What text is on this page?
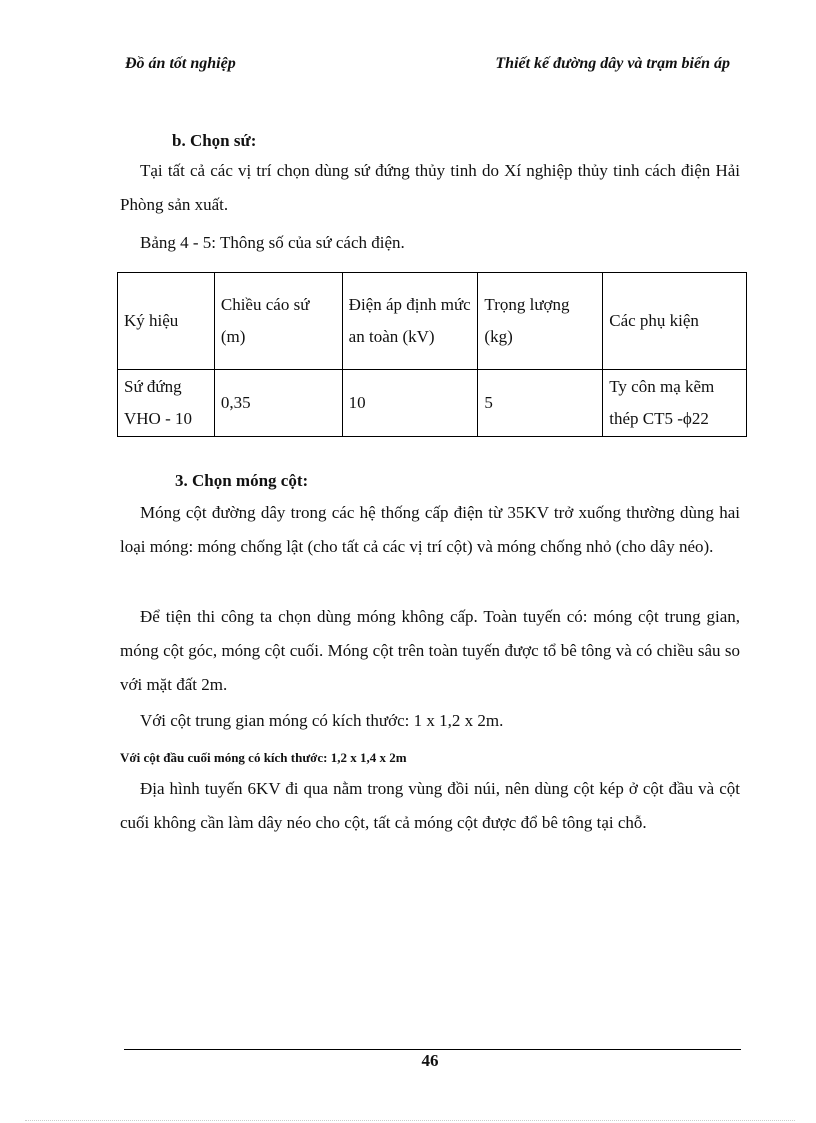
Đồ án tốt nghiệp	Thiết kế đường dây và trạm biến áp
b. Chọn sứ:
Tại tất cả các vị trí chọn dùng sứ đứng thủy tinh do Xí nghiệp thủy tinh cách điện Hải Phòng sản xuất.
Bảng 4 - 5: Thông số của sứ cách điện.
Ký hiệu	Chiều cáo sứ (m)	Điện áp định mức an toàn (kV)	Trọng lượng (kg)	Các phụ kiện
Sứ đứng VHO - 10	0,35	10	5	Ty côn mạ kẽm thép CT5 -ϕ22
3. Chọn móng cột:
Móng cột đường dây trong các hệ thống cấp điện từ 35KV trở xuống thường dùng hai loại móng: móng chống lật (cho tất cả các vị trí cột) và móng chống nhỏ (cho dây néo).
Để tiện thi công ta chọn dùng móng không cấp. Toàn tuyến có: móng cột trung gian, móng cột góc, móng cột cuối. Móng cột trên toàn tuyến được tổ bê tông và có chiều sâu so với mặt đất 2m.
Với cột trung gian móng có kích thước: 1 x 1,2 x 2m.
Với cột đầu cuối móng có kích thước: 1,2 x 1,4 x 2m
Địa hình tuyến 6KV đi qua nằm trong vùng đồi núi, nên dùng cột kép ở cột đầu và cột cuối không cần làm dây néo cho cột, tất cả móng cột được đổ bê tông tại chỗ.
46
